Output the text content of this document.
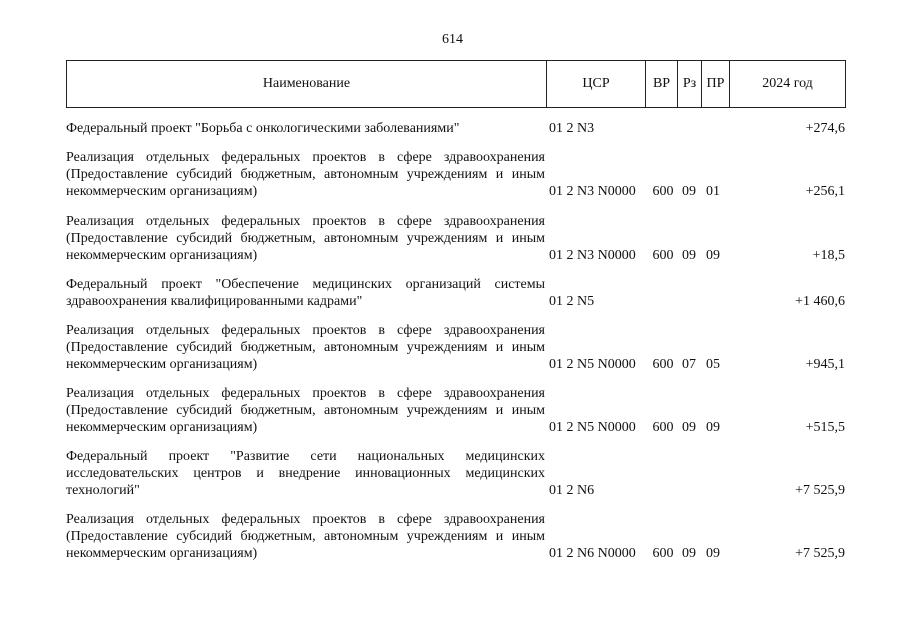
614
Наименование	ЦСР	ВР Рз ПР	2024 год
Федеральный проект "Борьба с онкологическими заболеваниями"	01 2 N3	+274,6
Реализация отдельных федеральных проектов в сфере здравоохранения (Предоставление субсидий бюджетным, автономным учреждениям и иным некоммерческим организациям)	01 2 N3 N0000	600 09 01	+256,1
Реализация отдельных федеральных проектов в сфере здравоохранения (Предоставление субсидий бюджетным, автономным учреждениям и иным некоммерческим организациям)	01 2 N3 N0000	600 09 09	+18,5
Федеральный проект "Обеспечение медицинских организаций системы здравоохранения квалифицированными кадрами"	01 2 N5	+1 460,6
Реализация отдельных федеральных проектов в сфере здравоохранения (Предоставление субсидий бюджетным, автономным учреждениям и иным некоммерческим организациям)	01 2 N5 N0000	600 07 05	+945,1
Реализация отдельных федеральных проектов в сфере здравоохранения (Предоставление субсидий бюджетным, автономным учреждениям и иным некоммерческим организациям)	01 2 N5 N0000	600 09 09	+515,5
Федеральный проект "Развитие сети национальных медицинских исследовательских центров и внедрение инновационных медицинских технологий"	01 2 N6	+7 525,9
Реализация отдельных федеральных проектов в сфере здравоохранения (Предоставление субсидий бюджетным, автономным учреждениям и иным некоммерческим организациям)	01 2 N6 N0000	600 09 09	+7 525,9
